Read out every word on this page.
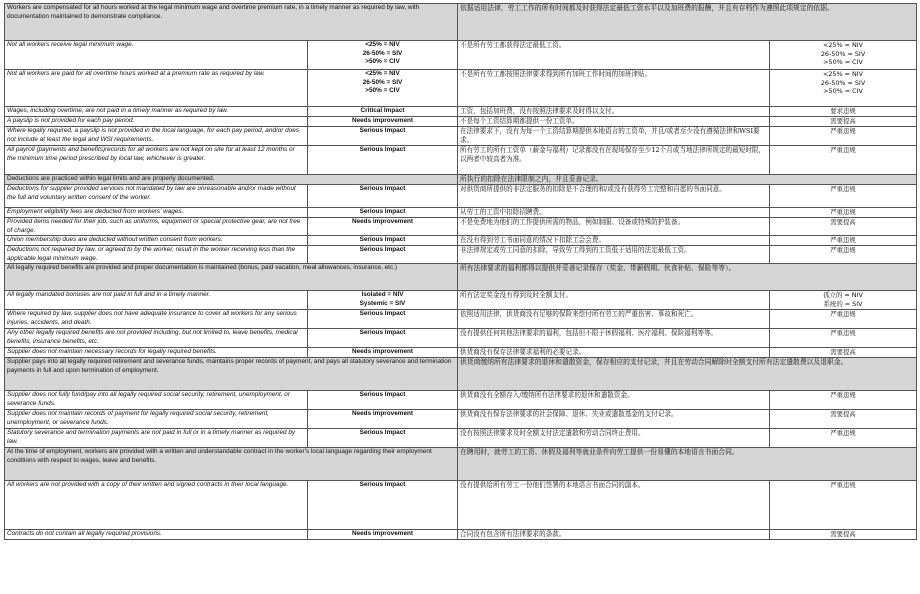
Workers are compensated for all hours worked at the legal minimum wage and overtime premium rate, in a timely manner as required by law, with documentation maintained to demonstrate compliance.		依据适用法律，劳工工作的所有时间都及时获得法定最低工资水平以及加班费的报酬，并且有存档作为遵照此项规定的依据。	
Not all workers receive legal minimum wage.	<25% = NIV
26-50% = SIV
>50% = CIV	不是所有劳工都获得法定最低工资。	<25% = NIV
26-50% = SIV
>50% = CIV

Not all workers are paid for all overtime hours worked at a premium rate as required by law.	<25% = NIV
26-50% = SIV
>50% = CIV	不是所有劳工都按照法律要求得到所有加班工作时间的加班津贴。	<25% = NIV
26-50% = SIV
>50% = CIV

Wages, including overtime, are not paid in a timely manner as required by law.	Critical Impact	工资，包括加班费，没有按照法律要求及时得以支付。	要求违规

A payslip is not provided for each pay period.	Needs improvement	不是每个工资结算期都提供一份工资单。	需要提高

Where legally required, a payslip is not provided in the local language, for each pay period, and/or does not include at least the legal and WSI requirements.	Serious Impact	在法律要求下，没有为每一个工资结算期提供本地语言的工资单，并且/或者至少没有遵循法律和WSI要求。	严重违规

All payroll (payments and benefits)records for all workers are not kept on site for at least 12 months or the minimum time period prescribed by local law, whichever is greater.	Serious Impact	所有劳工的所有工资单（薪金与福利）记录都没有在现场保存至少12个月或当地法律所规定的最短时限，以两者中较高者为准。	严重违规

Deductions are practiced within legal limits and are properly documented.		所执行的扣除在法律限制之内，并且妥善记录。	
Deductions for supplier provided services not mandated by law are unreasonable and/or made without the full and voluntary written consent of the worker.	Serious Impact	对供货商所提供的非法定服务的扣除是不合理的和/或没有获得劳工完整和自愿的书面同意。	严重违规

Employment eligibility fees are deducted from workers' wages.	Serious Impact	从劳工的工资中扣除招聘费。	严重违规

Provided items needed for their job, such as uniforms, equipment or special protective gear, are not free of charge.	Needs improvement	不是免费地为他们的工作提供所需的物品，例如制服、设备或特殊防护装备。	需要提高

Union membership dues are deducted without written consent from workers.	Serious Impact	在没有得到劳工书面同意的情况下扣除工会会费。	严重违规

Deductions not required by law, or agreed to by the worker, result in the worker receiving less than the applicable legal minimum wage.	Serious Impact	非法律规定或劳工同意的扣除，导致劳工得到的工资低于适用的法定最低工资。	严重违规

All legally required benefits are provided and proper documentation is maintained (bonus, paid vacation, meal allowances, insurance, etc.)		所有法律要求的福利都得以提供并妥善记录保存（奖金、带薪假期、伙食补贴、保险等等）。	
All legally mandated bonuses are not paid in full and in a timely manner.	Isolated = NIV
Systemic = SIV	所有法定奖金没有得到及时全额支付。	孤立的 = NIV
系统的 = SIV

Where required by law, supplier does not have adequate insurance to cover all workers for any serious injuries, accidents, and death.	Serious Impact	依照适用法律，供货商没有足够的保险来偿付所有劳工的严重伤害、事故和死亡。	严重违规

Any other legally required benefits are not provided including, but not limited to, leave benefits, medical benefits, insurance benefits, etc.	Serious Impact	没有提供任何其他法律要求的福利，包括但不限于休假福利、医疗福利、保险福利等等。	严重违规

Supplier does not maintain necessary records for legally required benefits.	Needs improvement	供货商没有保存法律要求福利的必要记录。	需要提高

Supplier pays into all legally required retirement and severance funds, maintains proper records of payment, and pays all statutory severance and termination payments in full and upon termination of employment.		供货商缴纳所有法律要求的退休和遣散资金，保存相应的支付记录，并且在劳动合同解除时全额支付所有法定遣散费以及退职金。	
Supplier does not fully fund/pay into all legally required social security, retirement, unemployment, or severance funds.	Serious Impact	供货商没有全额存入/缴纳所有法律要求的退休和遣散资金。	严重违规

Supplier does not maintain records of payment for legally required social security, retirement, unemployment, or severance funds.	Needs improvement	供货商没有保存法律要求的社会保障、退休、失业或遣散基金的支付记录。	需要提高

Statutory severance and termination payments are not paid in full or in a timely manner as required by law.	Serious Impact	没有按照法律要求及时全额支付法定遣散和劳动合同终止费用。	严重违规

At the time of employment, workers are provided with a written and understandable contract in the worker's local language regarding their employment conditions with respect to wages, leave and benefits.		在聘用时，就劳工的工资、休假及福利等就业条件向劳工提供一份易懂的本地语言书面合同。	
All workers are not provided with a copy of their written and signed contracts in their local language.	Serious Impact	没有提供给所有劳工一份他们签署的本地语言书面合同的副本。	严重违规

Contracts do not contain all legally required provisions.	Needs improvement	合同没有包含所有法律要求的条款。	需要提高
